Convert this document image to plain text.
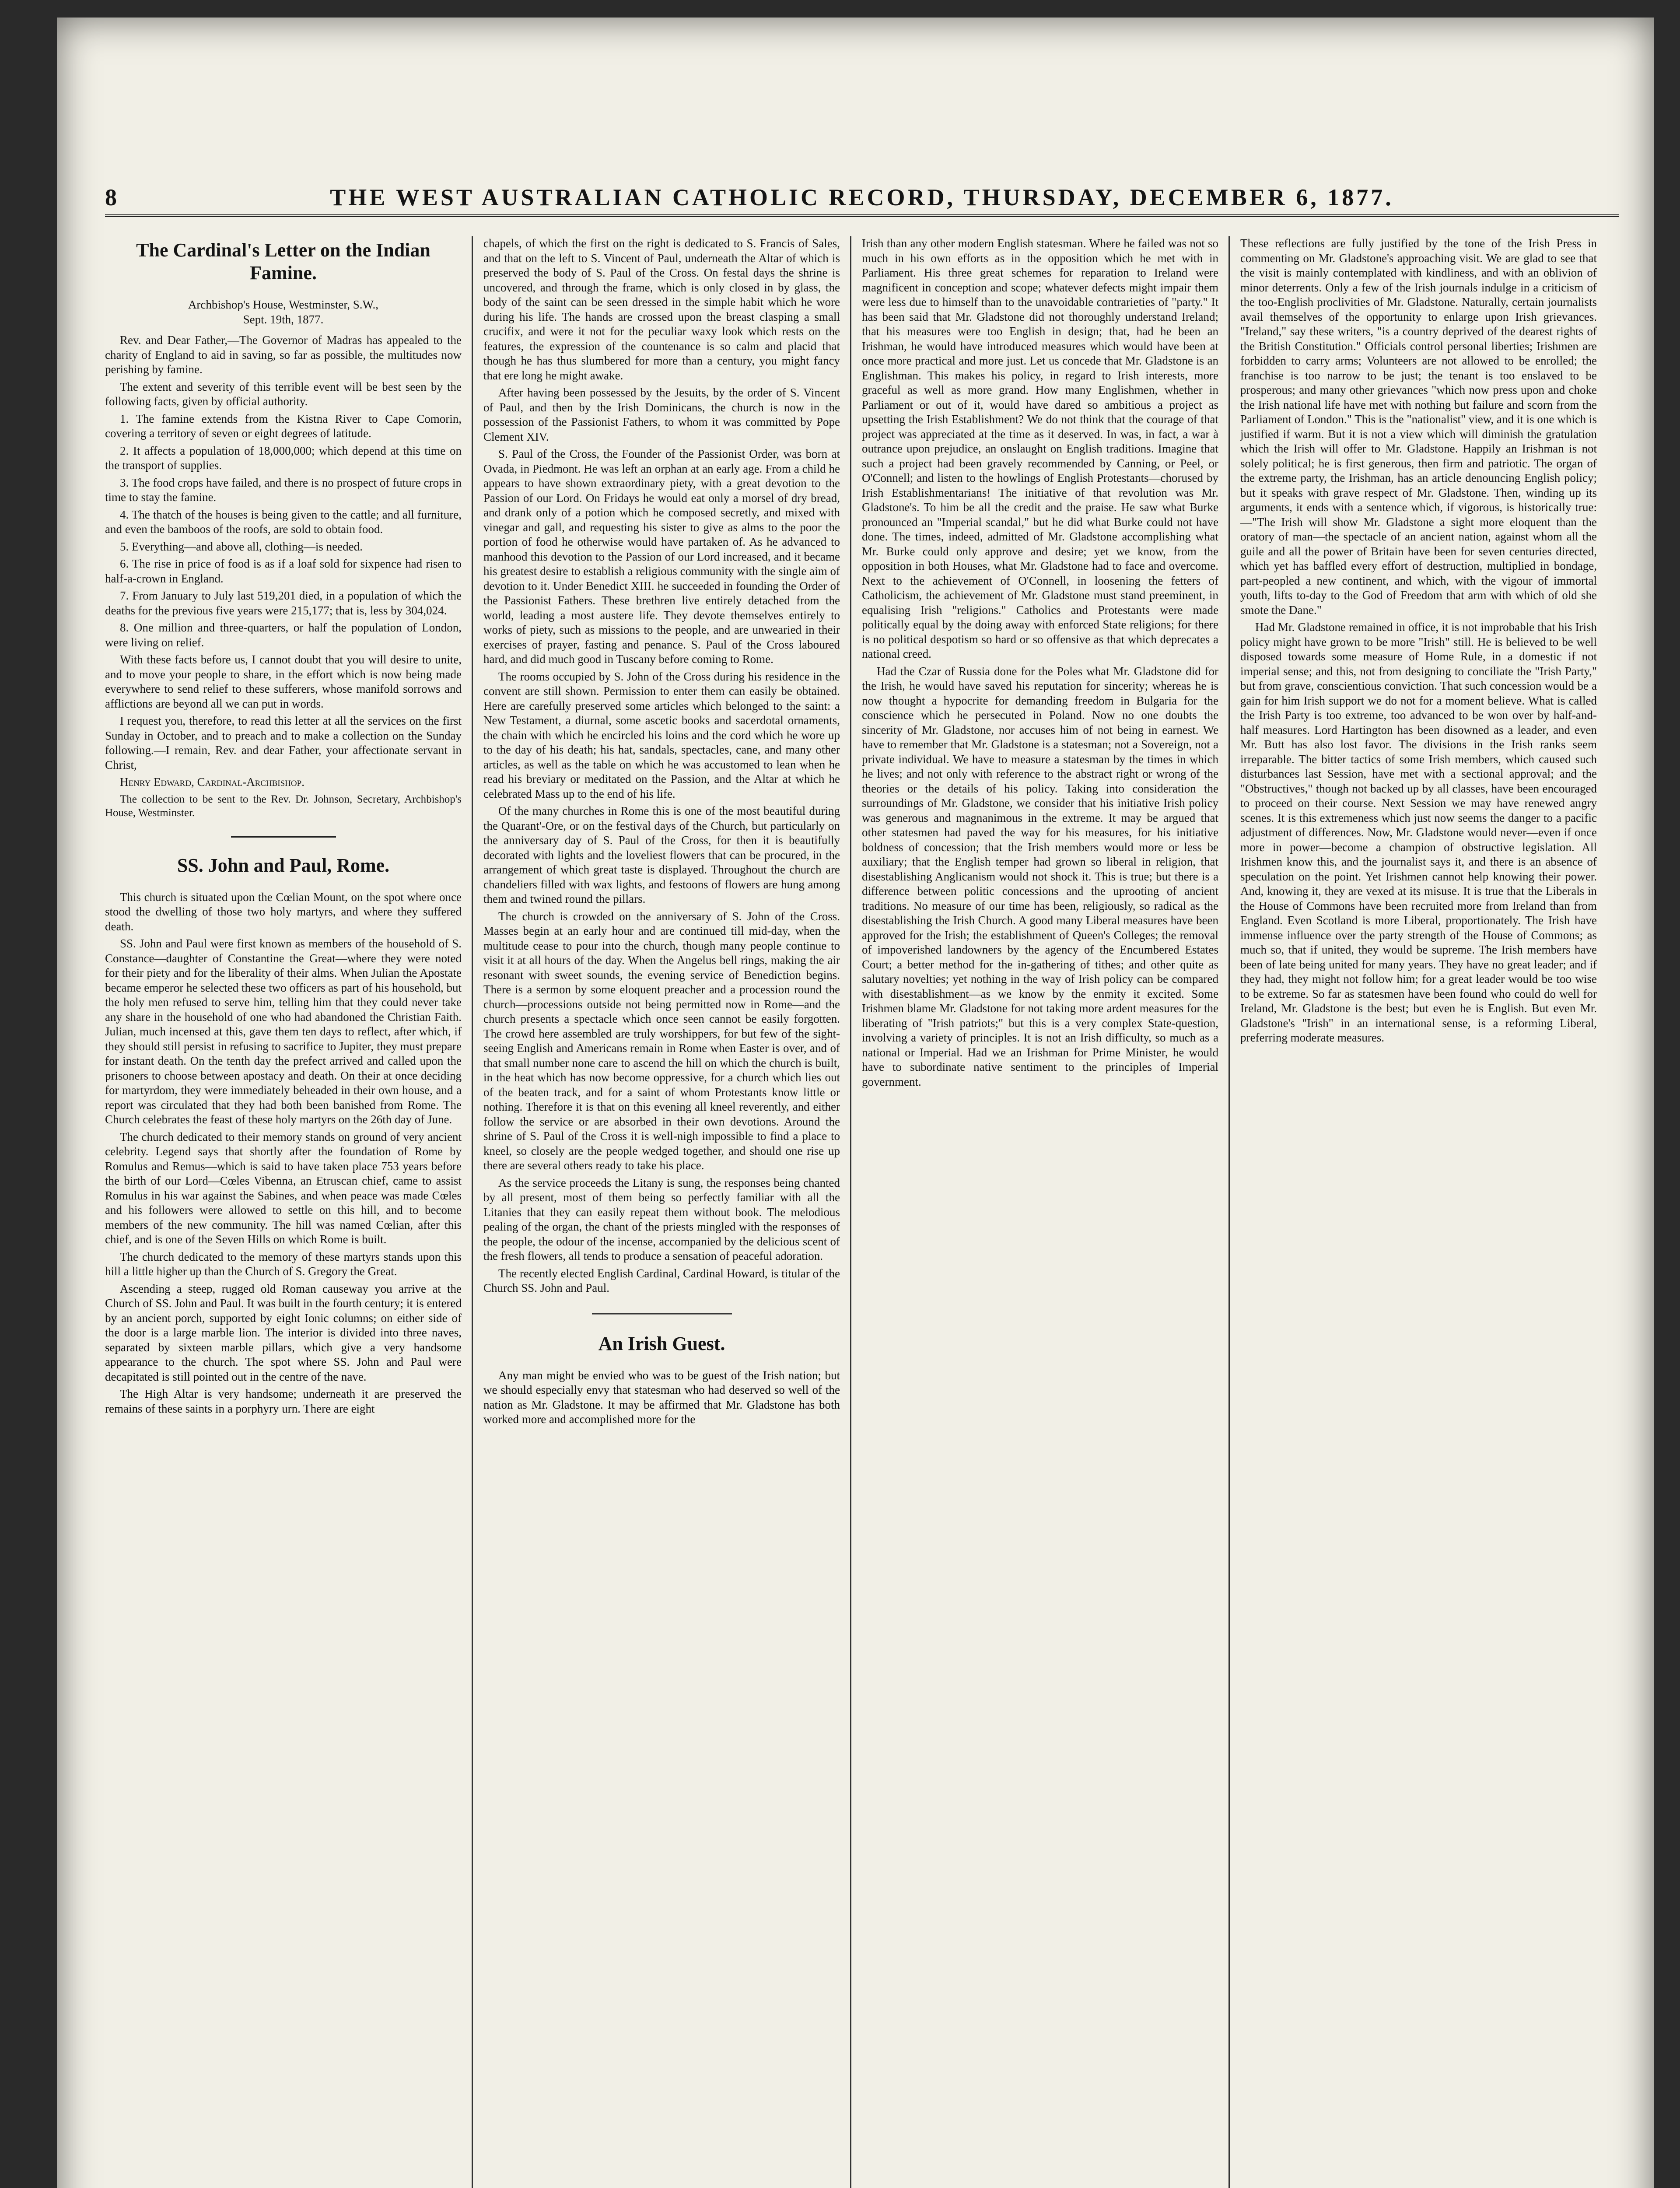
8	THE WEST AUSTRALIAN CATHOLIC RECORD, THURSDAY, DECEMBER 6, 1877.
The Cardinal's Letter on the Indian Famine.
Archbishop's House, Westminster, S.W.,
Sept. 19th, 1877.

Rev. and Dear Father,—The Governor of Madras has appealed to the charity of England to aid in saving, so far as possible, the multitudes now perishing by famine.

The extent and severity of this terrible event will be best seen by the following facts, given by official authority.

1. The famine extends from the Kistna River to Cape Comorin, covering a territory of seven or eight degrees of latitude.

2. It affects a population of 18,000,000; which depend at this time on the transport of supplies.

3. The food crops have failed, and there is no prospect of future crops in time to stay the famine.

4. The thatch of the houses is being given to the cattle; and all furniture, and even the bamboos of the roofs, are sold to obtain food.

5. Everything—and above all, clothing—is needed.

6. The rise in price of food is as if a loaf sold for sixpence had risen to half-a-crown in England.

7. From January to July last 519,201 died, in a population of which the deaths for the previous five years were 215,177; that is, less by 304,024.

8. One million and three-quarters, or half the population of London, were living on relief.

With these facts before us, I cannot doubt that you will desire to unite, and to move your people to share, in the effort which is now being made everywhere to send relief to these sufferers, whose manifold sorrows and afflictions are beyond all we can put in words.

I request you, therefore, to read this letter at all the services on the first Sunday in October, and to preach and to make a collection on the Sunday following.—I remain, Rev. and dear Father, your affectionate servant in Christ,

Henry Edward, Cardinal-Archbishop.

The collection to be sent to the Rev. Dr. Johnson, Secretary, Archbishop's House, Westminster.

SS. John and Paul, Rome.

This church is situated upon the Cœlian Mount, on the spot where once stood the dwelling of those two holy martyrs, and where they suffered death.

SS. John and Paul were first known as members of the household of S. Constance—daughter of Constantine the Great—where they were noted for their piety and for the liberality of their alms. When Julian the Apostate became emperor he selected these two officers as part of his household, but the holy men refused to serve him, telling him that they could never take any share in the household of one who had abandoned the Christian Faith. Julian, much incensed at this, gave them ten days to reflect, after which, if they should still persist in refusing to sacrifice to Jupiter, they must prepare for instant death. On the tenth day the prefect arrived and called upon the prisoners to choose between apostacy and death. On their at once deciding for martyrdom, they were immediately beheaded in their own house, and a report was circulated that they had both been banished from Rome. The Church celebrates the feast of these holy martyrs on the 26th day of June.

The church dedicated to their memory stands on ground of very ancient celebrity. Legend says that shortly after the foundation of Rome by Romulus and Remus—which is said to have taken place 753 years before the birth of our Lord—Cœles Vibenna, an Etruscan chief, came to assist Romulus in his war against the Sabines, and when peace was made Cœles and his followers were allowed to settle on this hill, and to become members of the new community. The hill was named Cœlian, after this chief, and is one of the Seven Hills on which Rome is built.

The church dedicated to the memory of these martyrs stands upon this hill a little higher up than the Church of S. Gregory the Great.

Ascending a steep, rugged old Roman causeway you arrive at the Church of SS. John and Paul. It was built in the fourth century; it is entered by an ancient porch, supported by eight Ionic columns; on either side of the door is a large marble lion. The interior is divided into three naves, separated by sixteen marble pillars, which give a very handsome appearance to the church. The spot where SS. John and Paul were decapitated is still pointed out in the centre of the nave.

The High Altar is very handsome; underneath it are preserved the remains of these saints in a porphyry urn. There are eight

chapels, of which the first on the right is dedicated to S. Francis of Sales, and that on the left to S. Vincent of Paul, underneath the Altar of which is preserved the body of S. Paul of the Cross. On festal days the shrine is uncovered, and through the frame, which is only closed in by glass, the body of the saint can be seen dressed in the simple habit which he wore during his life. The hands are crossed upon the breast clasping a small crucifix, and were it not for the peculiar waxy look which rests on the features, the expression of the countenance is so calm and placid that though he has thus slumbered for more than a century, you might fancy that ere long he might awake.

After having been possessed by the Jesuits, by the order of S. Vincent of Paul, and then by the Irish Dominicans, the church is now in the possession of the Passionist Fathers, to whom it was committed by Pope Clement XIV.

S. Paul of the Cross, the Founder of the Passionist Order, was born at Ovada, in Piedmont. He was left an orphan at an early age. From a child he appears to have shown extraordinary piety, with a great devotion to the Passion of our Lord. On Fridays he would eat only a morsel of dry bread, and drank only of a potion which he composed secretly, and mixed with vinegar and gall, and requesting his sister to give as alms to the poor the portion of food he otherwise would have partaken of. As he advanced to manhood this devotion to the Passion of our Lord increased, and it became his greatest desire to establish a religious community with the single aim of devotion to it. Under Benedict XIII. he succeeded in founding the Order of the Passionist Fathers. These brethren live entirely detached from the world, leading a most austere life. They devote themselves entirely to works of piety, such as missions to the people, and are unwearied in their exercises of prayer, fasting and penance. S. Paul of the Cross laboured hard, and did much good in Tuscany before coming to Rome.

The rooms occupied by S. John of the Cross during his residence in the convent are still shown. Permission to enter them can easily be obtained. Here are carefully preserved some articles which belonged to the saint: a New Testament, a diurnal, some ascetic books and sacerdotal ornaments, the chain with which he encircled his loins and the cord which he wore up to the day of his death; his hat, sandals, spectacles, cane, and many other articles, as well as the table on which he was accustomed to lean when he read his breviary or meditated on the Passion, and the Altar at which he celebrated Mass up to the end of his life.

Of the many churches in Rome this is one of the most beautiful during the Quarant'-Ore, or on the festival days of the Church, but particularly on the anniversary day of S. Paul of the Cross, for then it is beautifully decorated with lights and the loveliest flowers that can be procured, in the arrangement of which great taste is displayed. Throughout the church are chandeliers filled with wax lights, and festoons of flowers are hung among them and twined round the pillars.

The church is crowded on the anniversary of S. John of the Cross. Masses begin at an early hour and are continued till mid-day, when the multitude cease to pour into the church, though many people continue to visit it at all hours of the day. When the Angelus bell rings, making the air resonant with sweet sounds, the evening service of Benediction begins. There is a sermon by some eloquent preacher and a procession round the church—processions outside not being permitted now in Rome—and the church presents a spectacle which once seen cannot be easily forgotten. The crowd here assembled are truly worshippers, for but few of the sight-seeing English and Americans remain in Rome when Easter is over, and of that small number none care to ascend the hill on which the church is built, in the heat which has now become oppressive, for a church which lies out of the beaten track, and for a saint of whom Protestants know little or nothing. Therefore it is that on this evening all kneel reverently, and either follow the service or are absorbed in their own devotions. Around the shrine of S. Paul of the Cross it is well-nigh impossible to find a place to kneel, so closely are the people wedged together, and should one rise up there are several others ready to take his place.

As the service proceeds the Litany is sung, the responses being chanted by all present, most of them being so perfectly familiar with all the Litanies that they can easily repeat them without book. The melodious pealing of the organ, the chant of the priests mingled with the responses of the people, the odour of the incense, accompanied by the delicious scent of the fresh flowers, all tends to produce a sensation of peaceful adoration.

The recently elected English Cardinal, Cardinal Howard, is titular of the Church SS. John and Paul.

An Irish Guest.

Any man might be envied who was to be guest of the Irish nation; but we should especially envy that statesman who had deserved so well of the nation as Mr. Gladstone. It may be affirmed that Mr. Gladstone has both worked more and accomplished more for the

Irish than any other modern English statesman. Where he failed was not so much in his own efforts as in the opposition which he met with in Parliament. His three great schemes for reparation to Ireland were magnificent in conception and scope; whatever defects might impair them were less due to himself than to the unavoidable contrarieties of "party." It has been said that Mr. Gladstone did not thoroughly understand Ireland; that his measures were too English in design; that, had he been an Irishman, he would have introduced measures which would have been at once more practical and more just. Let us concede that Mr. Gladstone is an Englishman. This makes his policy, in regard to Irish interests, more graceful as well as more grand. How many Englishmen, whether in Parliament or out of it, would have dared so ambitious a project as upsetting the Irish Establishment? We do not think that the courage of that project was appreciated at the time as it deserved. In was, in fact, a war à outrance upon prejudice, an onslaught on English traditions. Imagine that such a project had been gravely recommended by Canning, or Peel, or O'Connell; and listen to the howlings of English Protestants—chorused by Irish Establishmentarians! The initiative of that revolution was Mr. Gladstone's. To him be all the credit and the praise. He saw what Burke pronounced an "Imperial scandal," but he did what Burke could not have done. The times, indeed, admitted of Mr. Gladstone accomplishing what Mr. Burke could only approve and desire; yet we know, from the opposition in both Houses, what Mr. Gladstone had to face and overcome. Next to the achievement of O'Connell, in loosening the fetters of Catholicism, the achievement of Mr. Gladstone must stand preeminent, in equalising Irish "religions." Catholics and Protestants were made politically equal by the doing away with enforced State religions; for there is no political despotism so hard or so offensive as that which deprecates a national creed.

Had the Czar of Russia done for the Poles what Mr. Gladstone did for the Irish, he would have saved his reputation for sincerity; whereas he is now thought a hypocrite for demanding freedom in Bulgaria for the conscience which he persecuted in Poland. Now no one doubts the sincerity of Mr. Gladstone, nor accuses him of not being in earnest. We have to remember that Mr. Gladstone is a statesman; not a Sovereign, not a private individual. We have to measure a statesman by the times in which he lives; and not only with reference to the abstract right or wrong of the theories or the details of his policy. Taking into consideration the surroundings of Mr. Gladstone, we consider that his initiative Irish policy was generous and magnanimous in the extreme. It may be argued that other statesmen had paved the way for his measures, for his initiative boldness of concession; that the Irish members would more or less be auxiliary; that the English temper had grown so liberal in religion, that disestablishing Anglicanism would not shock it. This is true; but there is a difference between politic concessions and the uprooting of ancient traditions. No measure of our time has been, religiously, so radical as the disestablishing the Irish Church. A good many Liberal measures have been approved for the Irish; the establishment of Queen's Colleges; the removal of impoverished landowners by the agency of the Encumbered Estates Court; a better method for the in-gathering of tithes; and other quite as salutary novelties; yet nothing in the way of Irish policy can be compared with disestablishment—as we know by the enmity it excited. Some Irishmen blame Mr. Gladstone for not taking more ardent measures for the liberating of "Irish patriots;" but this is a very complex State-question, involving a variety of principles. It is not an Irish difficulty, so much as a national or Imperial. Had we an Irishman for Prime Minister, he would have to subordinate native sentiment to the principles of Imperial government.

These reflections are fully justified by the tone of the Irish Press in commenting on Mr. Gladstone's approaching visit. We are glad to see that the visit is mainly contemplated with kindliness, and with an oblivion of minor deterrents. Only a few of the Irish journals indulge in a criticism of the too-English proclivities of Mr. Gladstone. Naturally, certain journalists avail themselves of the opportunity to enlarge upon Irish grievances. "Ireland," say these writers, "is a country deprived of the dearest rights of the British Constitution." Officials control personal liberties; Irishmen are forbidden to carry arms; Volunteers are not allowed to be enrolled; the franchise is too narrow to be just; the tenant is too enslaved to be prosperous; and many other grievances "which now press upon and choke the Irish national life have met with nothing but failure and scorn from the Parliament of London." This is the "nationalist" view, and it is one which is justified if warm. But it is not a view which will diminish the gratulation which the Irish will offer to Mr. Gladstone. Happily an Irishman is not solely political; he is first generous, then firm and patriotic. The organ of the extreme party, the Irishman, has an article denouncing English policy; but it speaks with grave respect of Mr. Gladstone. Then, winding up its arguments, it ends with a sentence which, if vigorous, is historically true:—"The Irish will show Mr. Gladstone a sight more eloquent than the oratory of man—the spectacle of an ancient nation, against whom all the guile and all the power of Britain have been for seven centuries directed, which yet has baffled every effort of destruction, multiplied in bondage, part-peopled a new continent, and which, with the vigour of immortal youth, lifts to-day to the God of Freedom that arm with which of old she smote the Dane."

Had Mr. Gladstone remained in office, it is not improbable that his Irish policy might have grown to be more "Irish" still. He is believed to be well disposed towards some measure of Home Rule, in a domestic if not imperial sense; and this, not from designing to conciliate the "Irish Party," but from grave, conscientious conviction. That such concession would be a gain for him Irish support we do not for a moment believe. What is called the Irish Party is too extreme, too advanced to be won over by half-and-half measures. Lord Hartington has been disowned as a leader, and even Mr. Butt has also lost favor. The divisions in the Irish ranks seem irreparable. The bitter tactics of some Irish members, which caused such disturbances last Session, have met with a sectional approval; and the "Obstructives," though not backed up by all classes, have been encouraged to proceed on their course. Next Session we may have renewed angry scenes. It is this extremeness which just now seems the danger to a pacific adjustment of differences. Now, Mr. Gladstone would never—even if once more in power—become a champion of obstructive legislation. All Irishmen know this, and the journalist says it, and there is an absence of speculation on the point. Yet Irishmen cannot help knowing their power. And, knowing it, they are vexed at its misuse. It is true that the Liberals in the House of Commons have been recruited more from Ireland than from England. Even Scotland is more Liberal, proportionately. The Irish have immense influence over the party strength of the House of Commons; as much so, that if united, they would be supreme. The Irish members have been of late being united for many years. They have no great leader; and if they had, they might not follow him; for a great leader would be too wise to be extreme. So far as statesmen have been found who could do well for Ireland, Mr. Gladstone is the best; but even he is English. But even Mr. Gladstone's "Irish" in an international sense, is a reforming Liberal, preferring moderate measures.
